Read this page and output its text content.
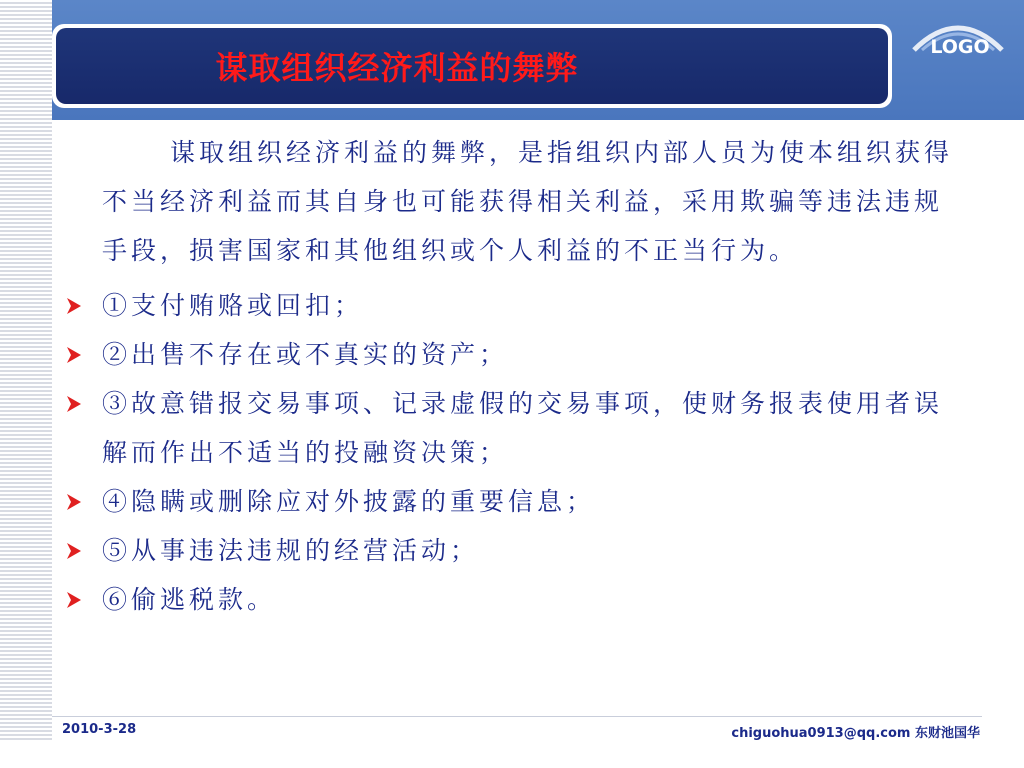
谋取组织经济利益的舞弊
LOGO

谋取组织经济利益的舞弊，是指组织内部人员为使本组织获得不当经济利益而其自身也可能获得相关利益，采用欺骗等违法违规手段，损害国家和其他组织或个人利益的不正当行为。

①支付贿赂或回扣；
②出售不存在或不真实的资产；
③故意错报交易事项、记录虚假的交易事项，使财务报表使用者误解而作出不适当的投融资决策；
④隐瞒或删除应对外披露的重要信息；
⑤从事违法违规的经营活动；
⑥偷逃税款。
2010-3-28	chiguohua0913@qq.com 东财池国华
